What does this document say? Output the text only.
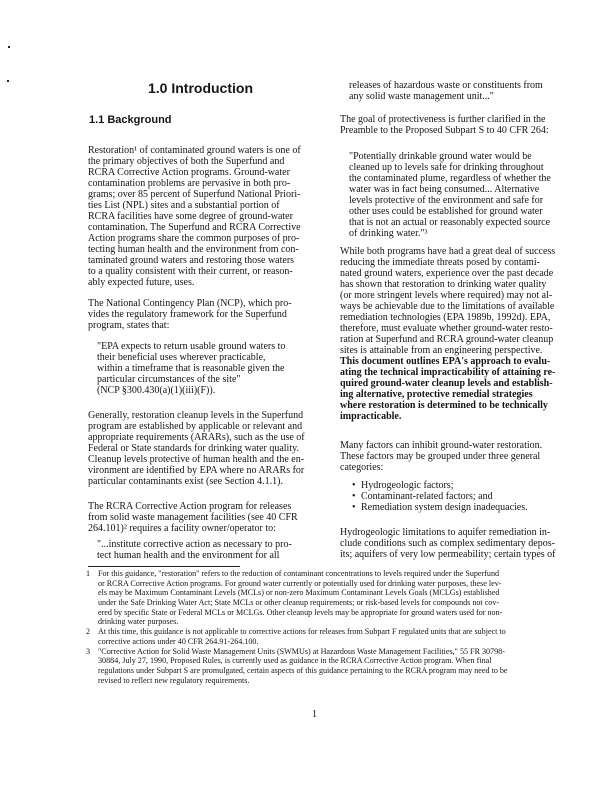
1.0 Introduction
1.1 Background
Restoration¹ of contaminated ground waters is one of
the primary objectives of both the Superfund and
RCRA Corrective Action programs. Ground-water
contamination problems are pervasive in both pro-
grams; over 85 percent of Superfund National Priori-
ties List (NPL) sites and a substantial portion of
RCRA facilities have some degree of ground-water
contamination. The Superfund and RCRA Corrective
Action programs share the common purposes of pro-
tecting human health and the environment from con-
taminated ground waters and restoring those waters
to a quality consistent with their current, or reason-
ably expected future, uses.
The National Contingency Plan (NCP), which pro-
vides the regulatory framework for the Superfund
program, states that:
"EPA expects to return usable ground waters to
their beneficial uses wherever practicable,
within a timeframe that is reasonable given the
particular circumstances of the site"
(NCP §300.430(a)(1)(iii)(F)).
Generally, restoration cleanup levels in the Superfund
program are established by applicable or relevant and
appropriate requirements (ARARs), such as the use of
Federal or State standards for drinking water quality.
Cleanup levels protective of human health and the en-
vironment are identified by EPA where no ARARs for
particular contaminants exist (see Section 4.1.1).
The RCRA Corrective Action program for releases
from solid waste management facilities (see 40 CFR
264.101)² requires a facility owner/operator to:
"...institute corrective action as necessary to pro-
tect human health and the environment for all
releases of hazardous waste or constituents from
any solid waste management unit..."
The goal of protectiveness is further clarified in the
Preamble to the Proposed Subpart S to 40 CFR 264:
"Potentially drinkable ground water would be
cleaned up to levels safe for drinking throughout
the contaminated plume, regardless of whether the
water was in fact being consumed... Alternative
levels protective of the environment and safe for
other uses could be established for ground water
that is not an actual or reasonably expected source
of drinking water."³
While both programs have had a great deal of success
reducing the immediate threats posed by contami-
nated ground waters, experience over the past decade
has shown that restoration to drinking water quality
(or more stringent levels where required) may not al-
ways be achievable due to the limitations of available
remediation technologies (EPA 1989b, 1992d). EPA,
therefore, must evaluate whether ground-water resto-
ration at Superfund and RCRA ground-water cleanup
sites is attainable from an engineering perspective.
This document outlines EPA's approach to evalu-
ating the technical impracticability of attaining re-
quired ground-water cleanup levels and establish-
ing alternative, protective remedial strategies
where restoration is determined to be technically
impracticable.
Many factors can inhibit ground-water restoration.
These factors may be grouped under three general
categories:
• Hydrogeologic factors;
• Contaminant-related factors; and
• Remediation system design inadequacies.
Hydrogeologic limitations to aquifer remediation in-
clude conditions such as complex sedimentary depos-
its; aquifers of very low permeability; certain types of
1 For this guidance, "restoration" refers to the reduction of contaminant concentrations to levels required under the Superfund
or RCRA Corrective Action programs. For ground water currently or potentially used for drinking water purposes, these lev-
els may be Maximum Contaminant Levels (MCLs) or non-zero Maximum Contaminant Levels Goals (MCLGs) established
under the Safe Drinking Water Act; State MCLs or other cleanup requirements; or risk-based levels for compounds not cov-
ered by specific State or Federal MCLs or MCLGs. Other cleanup levels may be appropriate for ground waters used for non-
drinking water purposes.
2 At this time, this guidance is not applicable to corrective actions for releases from Subpart F regulated units that are subject to
corrective actions under 40 CFR 264.91-264.100.
3 "Corrective Action for Solid Waste Management Units (SWMUs) at Hazardous Waste Management Facilities," 55 FR 30798-
30884, July 27, 1990, Proposed Rules, is currently used as guidance in the RCRA Corrective Action program. When final
regulations under Subpart S are promulgated, certain aspects of this guidance pertaining to the RCRA program may need to be
revised to reflect new regulatory requirements.
1
